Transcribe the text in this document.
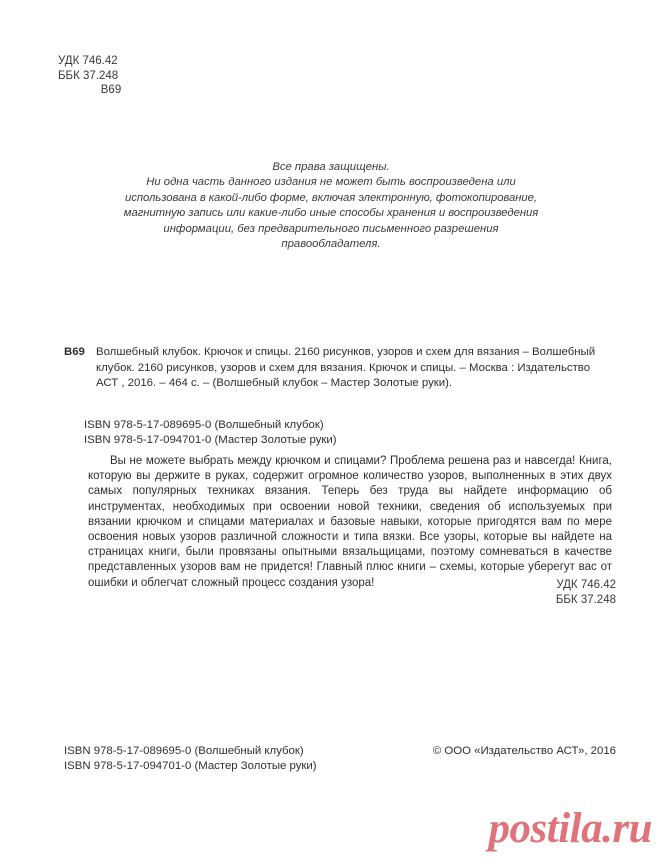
УДК 746.42
ББК 37.248
В69
Все права защищены.
Ни одна часть данного издания не может быть воспроизведена или
использована в какой-либо форме, включая электронную, фотокопирование,
магнитную запись или какие-либо иные способы хранения и воспроизведения
информации, без предварительного письменного разрешения
правообладателя.
В69 Волшебный клубок. Крючок и спицы. 2160 рисунков, узоров и схем для вязания – Волшебный
клубок. 2160 рисунков, узоров и схем для вязания. Крючок и спицы. – Москва : Издательство
АСТ , 2016. – 464 с. – (Волшебный клубок – Мастер Золотые руки).
ISBN 978-5-17-089695-0 (Волшебный клубок)
ISBN 978-5-17-094701-0 (Мастер Золотые руки)

Вы не можете выбрать между крючком и спицами? Проблема решена раз и навсегда! Книга, которую вы держите в руках, содержит огромное количество узоров, выполненных в этих двух самых популярных техниках вязания. Теперь без труда вы найдете информацию об инструментах, необходимых при освоении новой техники, сведения об используемых при вязании крючком и спицами материалах и базовые навыки, которые пригодятся вам по мере освоения новых узоров различной сложности и типа вязки. Все узоры, которые вы найдете на страницах книги, были провязаны опытными вязальщицами, поэтому сомневаться в качестве представленных узоров вам не придется! Главный плюс книги – схемы, которые уберегут вас от ошибки и облегчат сложный процесс создания узора!	УДК 746.42
ББК 37.248
ISBN 978-5-17-089695-0 (Волшебный клубок)
ISBN 978-5-17-094701-0 (Мастер Золотые руки)
© ООО «Издательство АСТ», 2016
postila.ru
